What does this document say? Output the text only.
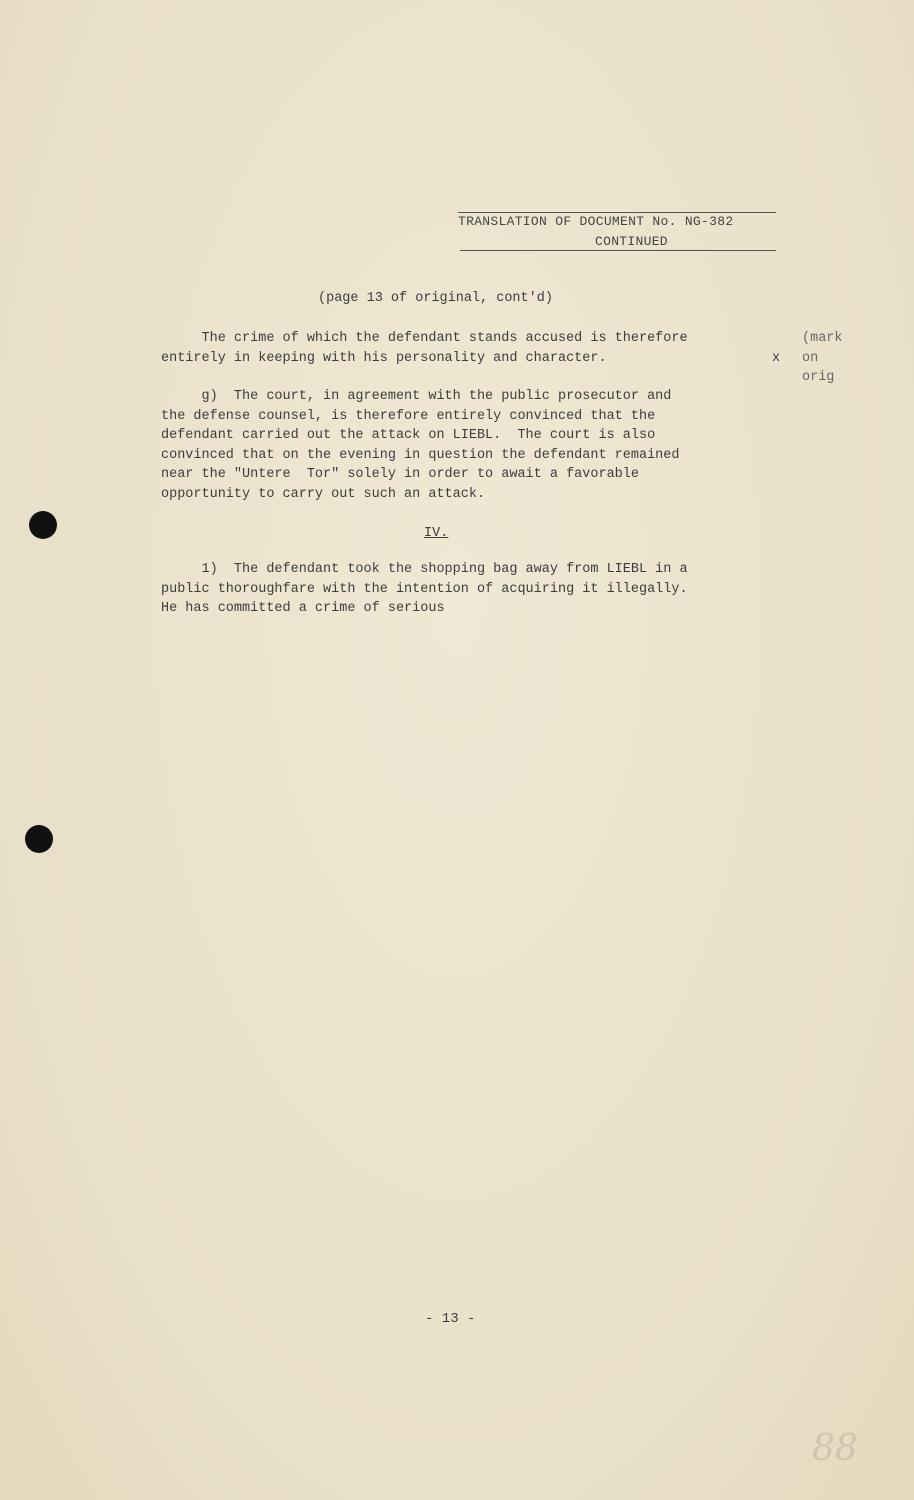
TRANSLATION OF DOCUMENT No. NG-382
CONTINUED
(page 13 of original, cont'd)
The crime of which the defendant stands accused is therefore
entirely in keeping with his personality and character.	x
(mark
on
orig
g)  The court, in agreement with the public prosecutor and
the defense counsel, is therefore entirely convinced that the
defendant carried out the attack on LIEBL.  The court is also
convinced that on the evening in question the defendant remained
near the "Untere  Tor" solely in order to await a favorable
opportunity to carry out such an attack.
IV.
1)  The defendant took the shopping bag away from LIEBL in a
public thoroughfare with the intention of acquiring it illegally.
He has committed a crime of serious
- 13 -
88
